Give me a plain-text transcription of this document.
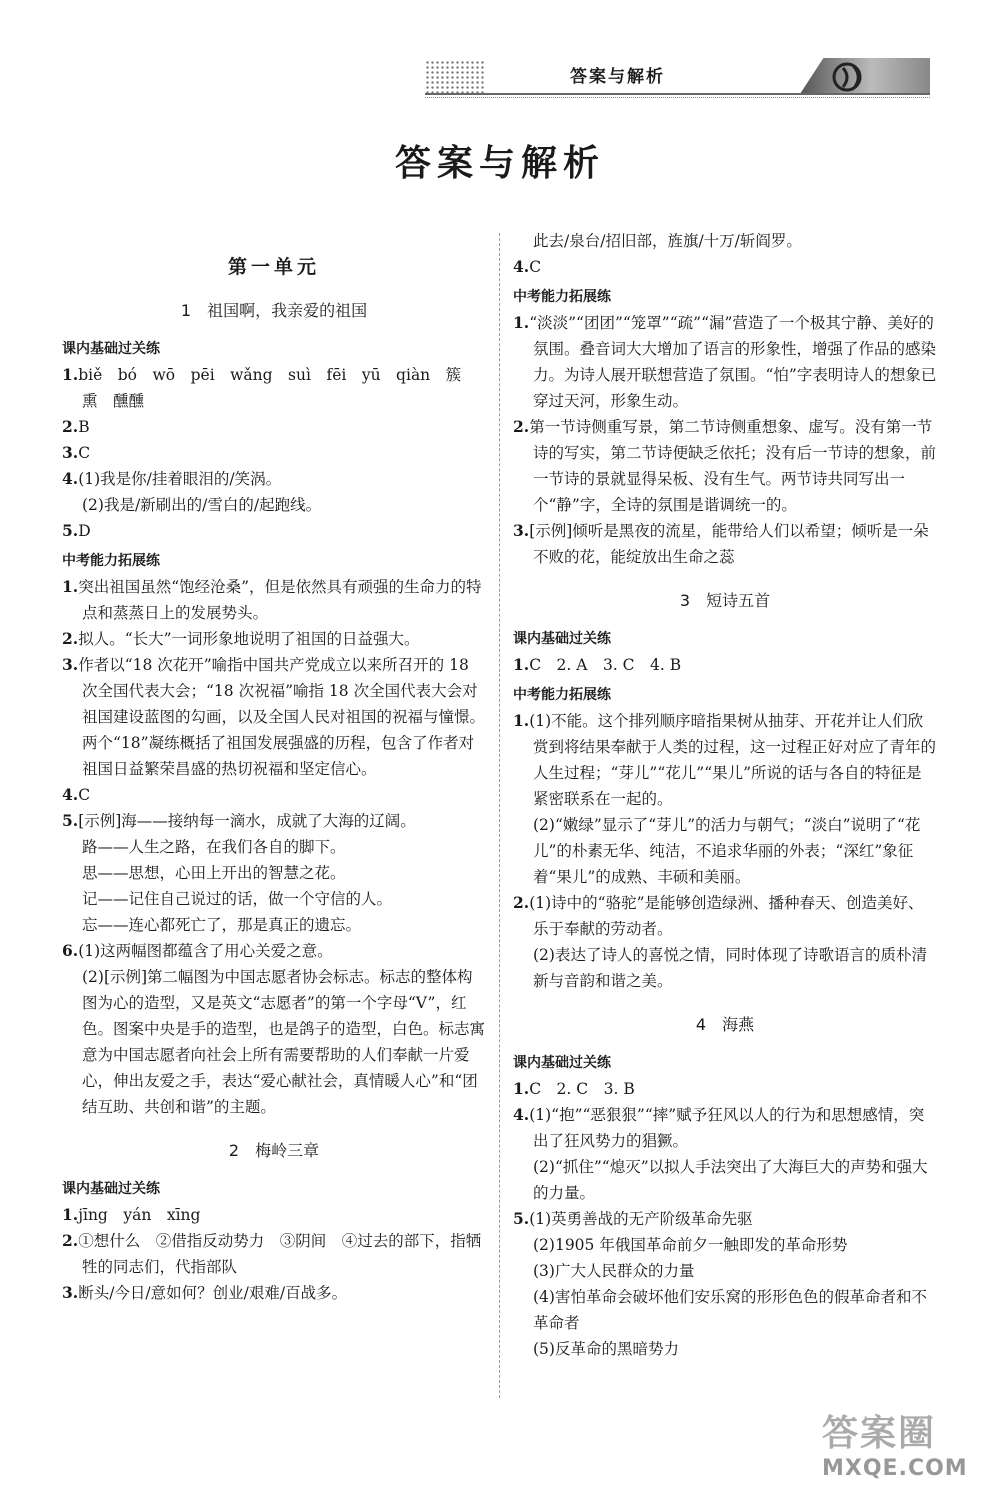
答案与解析
答案与解析
第一单元
1　祖国啊，我亲爱的祖国
课内基础过关练

1.biě　bó　wō　pēi　wǎng　suì　fēi　yū　qiàn　簇

熏　醺醺

2.B

3.C

4.(1)我是你/挂着眼泪的/笑涡。

(2)我是/新刷出的/雪白的/起跑线。

5.D

中考能力拓展练

1.突出祖国虽然“饱经沧桑”，但是依然具有顽强的生命力的特点和蒸蒸日上的发展势头。

2.拟人。“长大”一词形象地说明了祖国的日益强大。

3.作者以“18 次花开”喻指中国共产党成立以来所召开的 18 次全国代表大会；“18 次祝福”喻指 18 次全国代表大会对祖国建设蓝图的勾画，以及全国人民对祖国的祝福与憧憬。两个“18”凝练概括了祖国发展强盛的历程，包含了作者对祖国日益繁荣昌盛的热切祝福和坚定信心。

4.C

5.[示例]海——接纳每一滴水，成就了大海的辽阔。

路——人生之路，在我们各自的脚下。

思——思想，心田上开出的智慧之花。

记——记住自己说过的话，做一个守信的人。

忘——连心都死亡了，那是真正的遗忘。

6.(1)这两幅图都蕴含了用心关爱之意。

(2)[示例]第二幅图为中国志愿者协会标志。标志的整体构图为心的造型，又是英文“志愿者”的第一个字母“V”，红色。图案中央是手的造型，也是鸽子的造型，白色。标志寓意为中国志愿者向社会上所有需要帮助的人们奉献一片爱心，伸出友爱之手，表达“爱心献社会，真情暖人心”和“团结互助、共创和谐”的主题。

2　梅岭三章
课内基础过关练

1.jīng　yán　xīng

2.①想什么　②借指反动势力　③阴间　④过去的部下，指牺牲的同志们，代指部队

3.断头/今日/意如何？创业/艰难/百战多。

此去/泉台/招旧部，旌旗/十万/斩阎罗。

4.C

中考能力拓展练

1.“淡淡”“团团”“笼罩”“疏”“漏”营造了一个极其宁静、美好的氛围。叠音词大大增加了语言的形象性，增强了作品的感染力。为诗人展开联想营造了氛围。“怕”字表明诗人的想象已穿过天河，形象生动。

2.第一节诗侧重写景，第二节诗侧重想象、虚写。没有第一节诗的写实，第二节诗便缺乏依托；没有后一节诗的想象，前一节诗的景就显得呆板、没有生气。两节诗共同写出一个“静”字，全诗的氛围是谐调统一的。

3.[示例]倾听是黑夜的流星，能带给人们以希望；倾听是一朵不败的花，能绽放出生命之蕊

3　短诗五首
课内基础过关练

1.C　2. A　3. C　4. B

中考能力拓展练

1.(1)不能。这个排列顺序暗指果树从抽芽、开花并让人们欣赏到将结果奉献于人类的过程，这一过程正好对应了青年的人生过程；“芽儿”“花儿”“果儿”所说的话与各自的特征是紧密联系在一起的。

(2)“嫩绿”显示了“芽儿”的活力与朝气；“淡白”说明了“花儿”的朴素无华、纯洁，不追求华丽的外表；“深红”象征着“果儿”的成熟、丰硕和美丽。

2.(1)诗中的“骆驼”是能够创造绿洲、播种春天、创造美好、乐于奉献的劳动者。

(2)表达了诗人的喜悦之情，同时体现了诗歌语言的质朴清新与音韵和谐之美。

4　海燕
课内基础过关练

1.C　2. C　3. B

4.(1)“抱”“恶狠狠”“摔”赋予狂风以人的行为和思想感情，突出了狂风势力的猖獗。

(2)“抓住”“熄灭”以拟人手法突出了大海巨大的声势和强大的力量。

5.(1)英勇善战的无产阶级革命先驱

(2)1905 年俄国革命前夕一触即发的革命形势

(3)广大人民群众的力量

(4)害怕革命会破坏他们安乐窝的形形色色的假革命者和不革命者

(5)反革命的黑暗势力

答案圈
MXQE.COM
